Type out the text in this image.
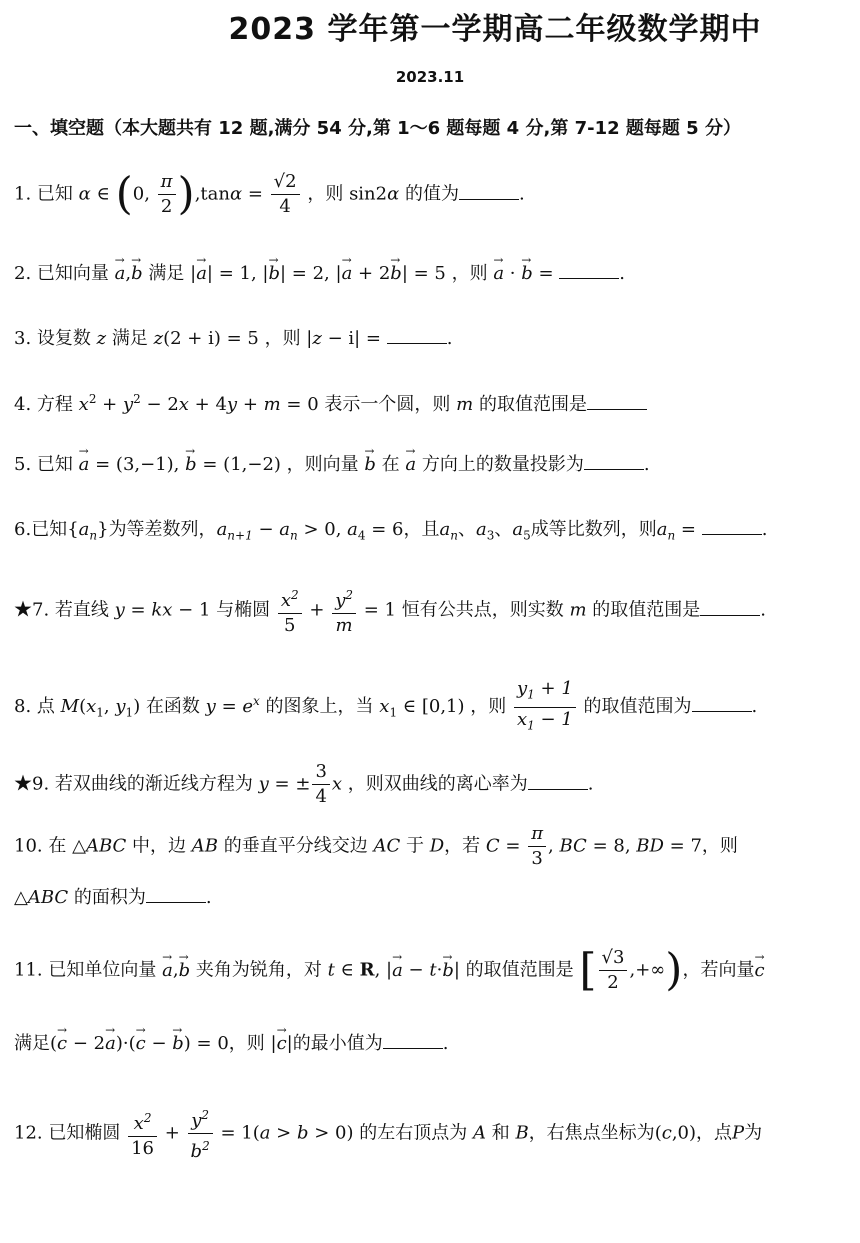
2023 学年第一学期高二年级数学期中
2023.11
一、填空题（本大题共有 12 题,满分 54 分,第 1～6 题每题 4 分,第 7-12 题每题 5 分）
1. 已知 α ∈ (0, $\frac{\pi}{2} ),\tan\alpha = \frac{√2}{4}$ ，则 sin2α 的值为	.
2. 已知向量 → a,→ b 满足 |→ a| = 1, |→ b| = 2, |→ a + 2→ b| = 5 ，则 → a · → b =	.
3. 设复数 z 满足 z(2 + i) = 5 ，则 |z − i| =	.
4. 方程 $x^2 + y^2 - 2x + 4y + m = 0$ 表示一个圆，则 m 的取值范围是
5. 已知 → a = (3,−1), → b = (1,−2) ，则向量 → b 在 → a 方向上的数量投影为	.
6.已知$\{a_n\}$为等差数列，$a_{n+1} - a_n > 0$, $a_4 = 6$，且$a_n$、$a_3$、$a_5$成等比数列，则$a_n$ =	.
★7. 若直线 y = kx − 1 与椭圆 $\frac{x^2}{5} + \frac{y^2}{m} = 1$ 恒有公共点，则实数 m 的取值范围是	.
8. 点 $M(x_1$, $y_1$) 在函数 $y = e^x$ 的图象上，当 $x_1$ ∈ [0,1) ，则 $\frac{y_1 + 1}{x_1 - 1}$ 的取值范围为	.
★9. 若双曲线的渐近线方程为 y = ± $\frac{3}{4}$ x ，则双曲线的离心率为	.
10. 在 △ABC 中，边 AB 的垂直平分线交边 AC 于 D，若 $C = \frac{\pi}{3}$ , BC = 8, BD = 7，则
△ABC 的面积为	.
11. 已知单位向量 → a,→ b 夹角为锐角，对 t ∈ R, |→ a − t·→ b| 的取值范围是 [ $\frac{√3}{2}$ ,+∞)，若向量→ c
满足(→ c − 2→ a)·(→ c − → b) = 0，则 |→ c|的最小值为	.
12. 已知椭圆 $\frac{x^2}{16} + \frac{y^2}{b^2} = 1(a > b > 0)$ 的左右顶点为 A 和 B，右焦点坐标为(c,0)，点P为
